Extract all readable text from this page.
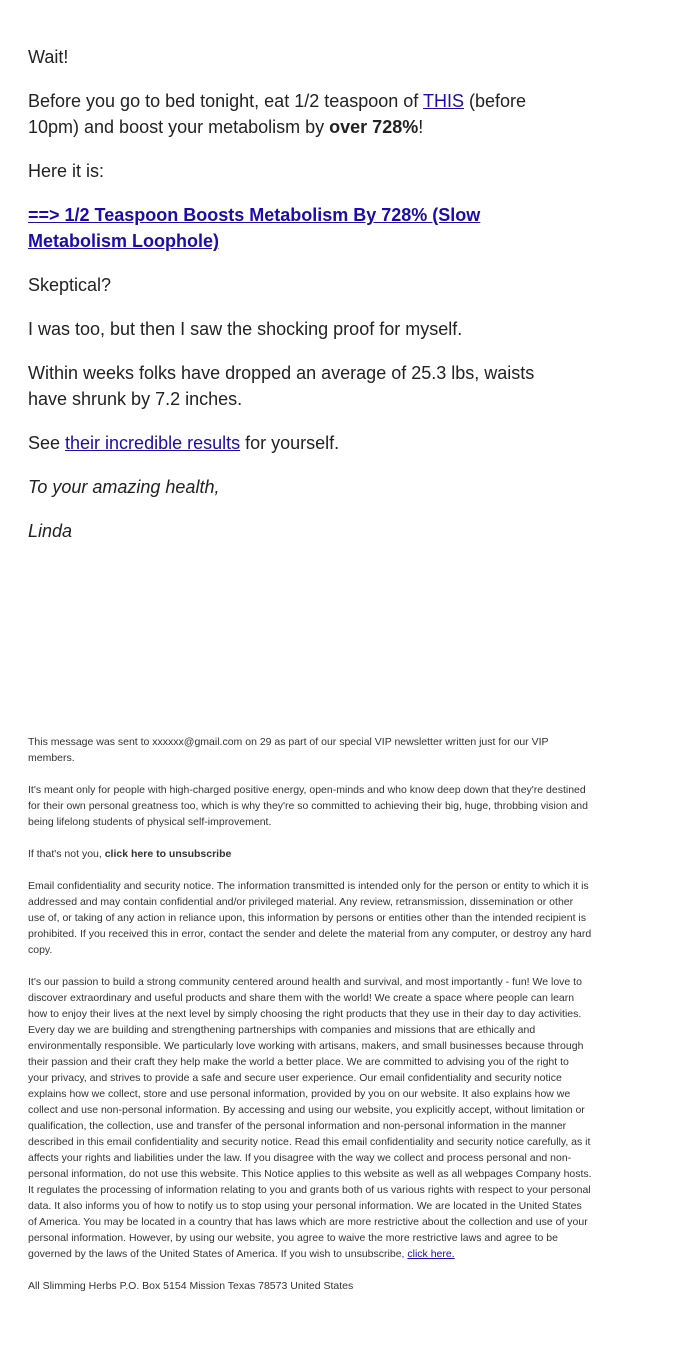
Wait!

Before you go to bed tonight, eat 1/2 teaspoon of THIS (before 10pm) and boost your metabolism by over 728%!

Here it is:

==> 1/2 Teaspoon Boosts Metabolism By 728% (Slow Metabolism Loophole)

Skeptical?

I was too, but then I saw the shocking proof for myself.

Within weeks folks have dropped an average of 25.3 lbs, waists have shrunk by 7.2 inches.

See their incredible results for yourself.

To your amazing health,

Linda

This message was sent to xxxxxx@gmail.com on 29 as part of our special VIP newsletter written just for our VIP members.

It's meant only for people with high-charged positive energy, open-minds and who know deep down that they're destined for their own personal greatness too, which is why they're so committed to achieving their big, huge, throbbing vision and being lifelong students of physical self-improvement.

If that's not you, click here to unsubscribe

Email confidentiality and security notice. The information transmitted is intended only for the person or entity to which it is addressed and may contain confidential and/or privileged material. Any review, retransmission, dissemination or other use of, or taking of any action in reliance upon, this information by persons or entities other than the intended recipient is prohibited. If you received this in error, contact the sender and delete the material from any computer, or destroy any hard copy.

It's our passion to build a strong community centered around health and survival, and most importantly - fun! We love to discover extraordinary and useful products and share them with the world! We create a space where people can learn how to enjoy their lives at the next level by simply choosing the right products that they use in their day to day activities. Every day we are building and strengthening partnerships with companies and missions that are ethically and environmentally responsible. We particularly love working with artisans, makers, and small businesses because through their passion and their craft they help make the world a better place. We are committed to advising you of the right to your privacy, and strives to provide a safe and secure user experience. Our email confidentiality and security notice explains how we collect, store and use personal information, provided by you on our website. It also explains how we collect and use non-personal information. By accessing and using our website, you explicitly accept, without limitation or qualification, the collection, use and transfer of the personal information and non-personal information in the manner described in this email confidentiality and security notice. Read this email confidentiality and security notice carefully, as it affects your rights and liabilities under the law. If you disagree with the way we collect and process personal and non-personal information, do not use this website. This Notice applies to this website as well as all webpages Company hosts. It regulates the processing of information relating to you and grants both of us various rights with respect to your personal data. It also informs you of how to notify us to stop using your personal information. We are located in the United States of America. You may be located in a country that has laws which are more restrictive about the collection and use of your personal information. However, by using our website, you agree to waive the more restrictive laws and agree to be governed by the laws of the United States of America. If you wish to unsubscribe, click here.

All Slimming Herbs P.O. Box 5154 Mission Texas 78573 United States
